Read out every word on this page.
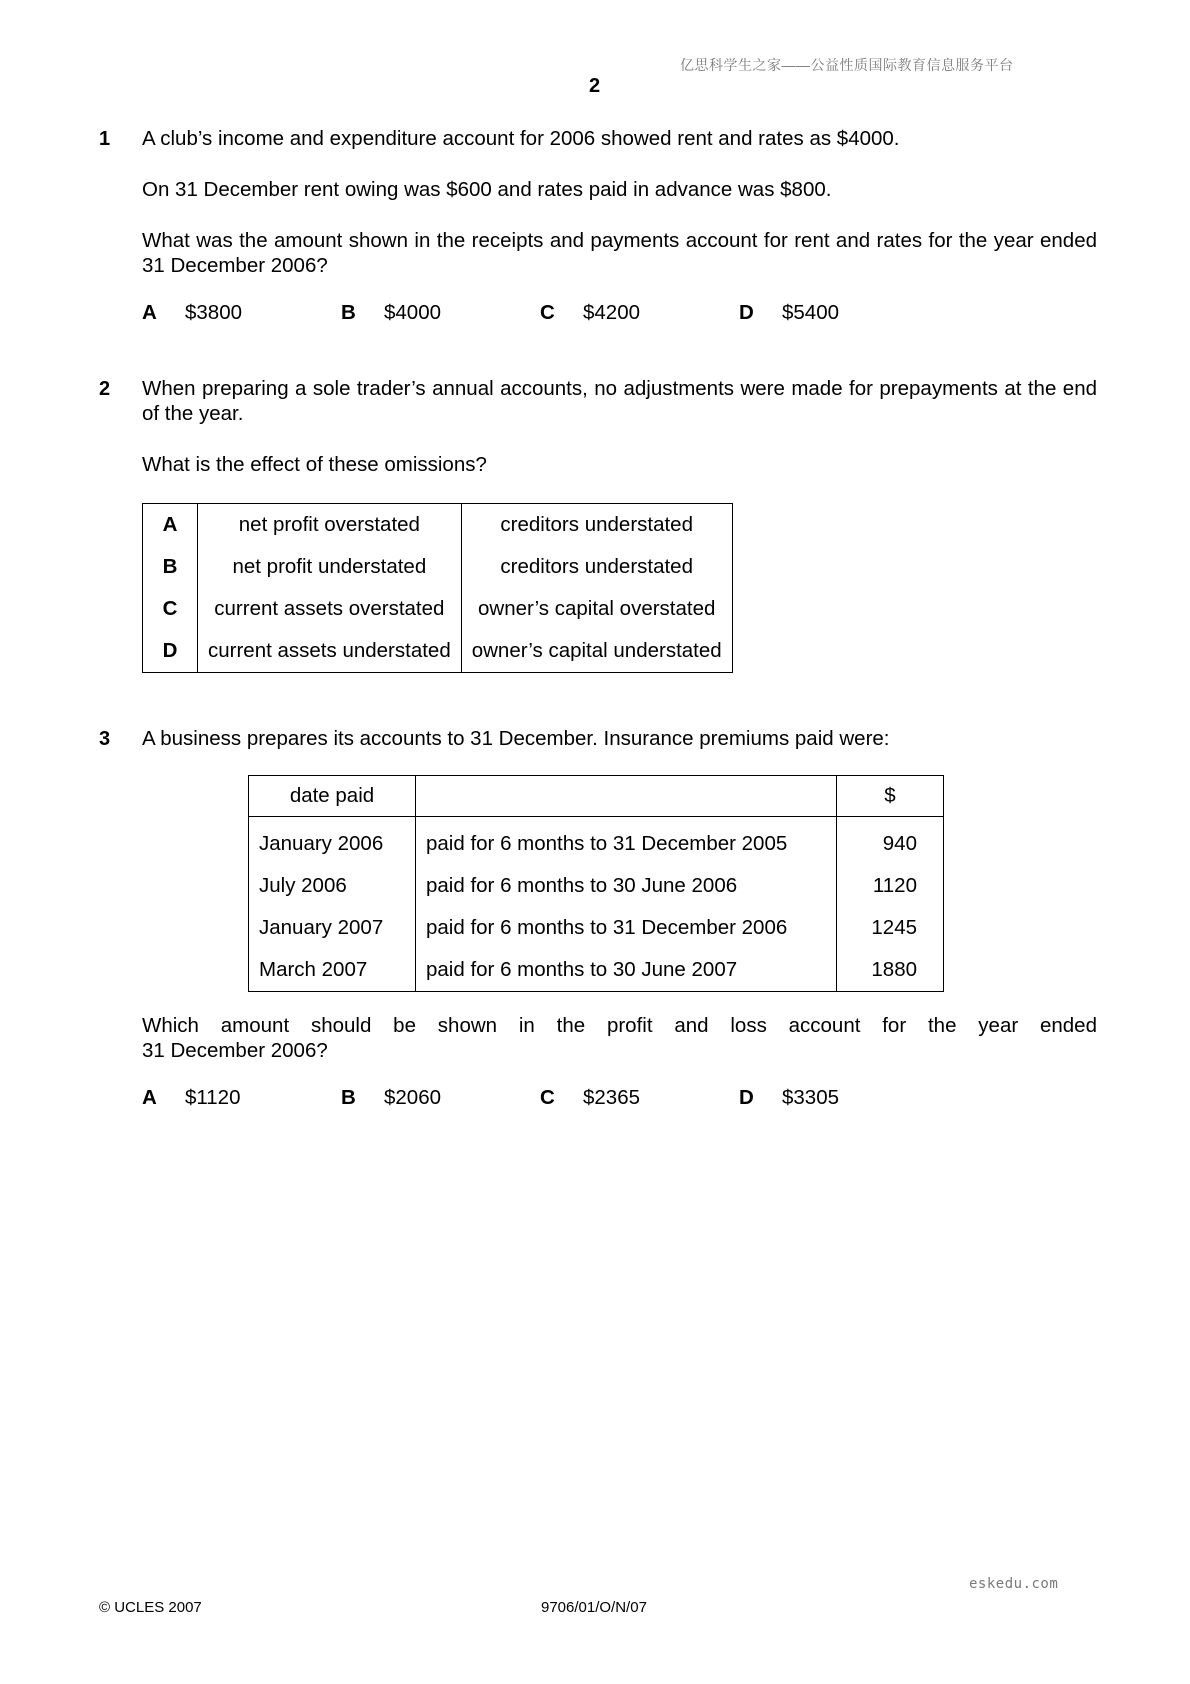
亿思科学生之家——公益性质国际教育信息服务平台
2
1 A club’s income and expenditure account for 2006 showed rent and rates as $4000.
On 31 December rent owing was $600 and rates paid in advance was $800.
What was the amount shown in the receipts and payments account for rent and rates for the year ended 31 December 2006?
A	$3800	B	$4000	C	$4200	D	$5400
2 When preparing a sole trader’s annual accounts, no adjustments were made for prepayments at the end of the year.
What is the effect of these omissions?
A	net profit overstated	creditors understated
B	net profit understated	creditors understated
C	current assets overstated	owner’s capital overstated
D	current assets understated	owner’s capital understated
3 A business prepares its accounts to 31 December. Insurance premiums paid were:
date paid		$
January 2006	paid for 6 months to 31 December 2005	940
July 2006	paid for 6 months to 30 June 2006	1120
January 2007	paid for 6 months to 31 December 2006	1245
March 2007	paid for 6 months to 30 June 2007	1880
Which amount should be shown in the profit and loss account for the year ended
31 December 2006?
A	$1120	B	$2060	C	$2365	D	$3305
eskedu.com
© UCLES 2007	9706/01/O/N/07
